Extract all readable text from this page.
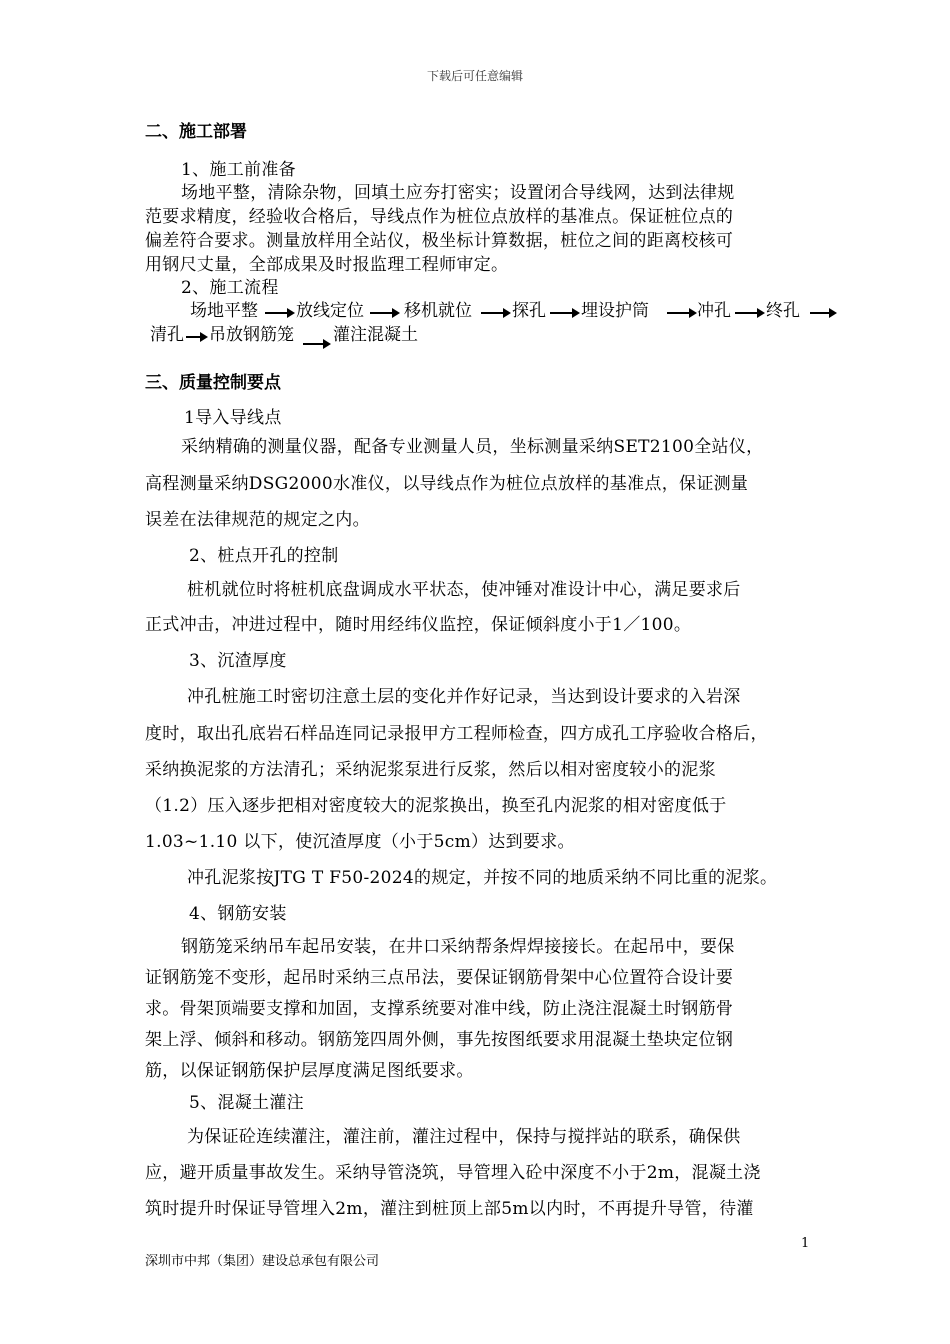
下载后可任意编辑
二、施工部署
1、施工前准备
场地平整，清除杂物，回填土应夯打密实；设置闭合导线网，达到法律规
范要求精度，经验收合格后，导线点作为桩位点放样的基准点。保证桩位点的
偏差符合要求。测量放样用全站仪，极坐标计算数据，桩位之间的距离校核可
用钢尺丈量，全部成果及时报监理工程师审定。
2、施工流程
场地平整 放线定位 移机就位 探孔 埋设护筒	冲孔 终孔
清孔 吊放钢筋笼 灌注混凝土
三、质量控制要点
1导入导线点
采纳精确的测量仪器，配备专业测量人员，坐标测量采纳SET2100全站仪，
高程测量采纳DSG2000水准仪，以导线点作为桩位点放样的基准点，保证测量
误差在法律规范的规定之内。
2、桩点开孔的控制
桩机就位时将桩机底盘调成水平状态，使冲锤对准设计中心，满足要求后
正式冲击，冲进过程中，随时用经纬仪监控，保证倾斜度小于1／100。
3、沉渣厚度
冲孔桩施工时密切注意土层的变化并作好记录，当达到设计要求的入岩深
度时，取出孔底岩石样品连同记录报甲方工程师检查，四方成孔工序验收合格后，
采纳换泥浆的方法清孔；采纳泥浆泵进行反浆，然后以相对密度较小的泥浆
（1.2）压入逐步把相对密度较大的泥浆换出，换至孔内泥浆的相对密度低于
1.03~1.10 以下，使沉渣厚度（小于5cm）达到要求。
冲孔泥浆按JTG T F50-2024的规定，并按不同的地质采纳不同比重的泥浆。
4、钢筋安装
钢筋笼采纳吊车起吊安装，在井口采纳帮条焊焊接接长。在起吊中，要保
证钢筋笼不变形，起吊时采纳三点吊法，要保证钢筋骨架中心位置符合设计要
求。骨架顶端要支撑和加固，支撑系统要对准中线，防止浇注混凝土时钢筋骨
架上浮、倾斜和移动。钢筋笼四周外侧，事先按图纸要求用混凝土垫块定位钢
筋，以保证钢筋保护层厚度满足图纸要求。
5、混凝土灌注
为保证砼连续灌注，灌注前，灌注过程中，保持与搅拌站的联系，确保供
应，避开质量事故发生。采纳导管浇筑，导管埋入砼中深度不小于2m，混凝土浇
筑时提升时保证导管埋入2m，灌注到桩顶上部5m以内时，不再提升导管，待灌
1
深圳市中邦（集团）建设总承包有限公司
